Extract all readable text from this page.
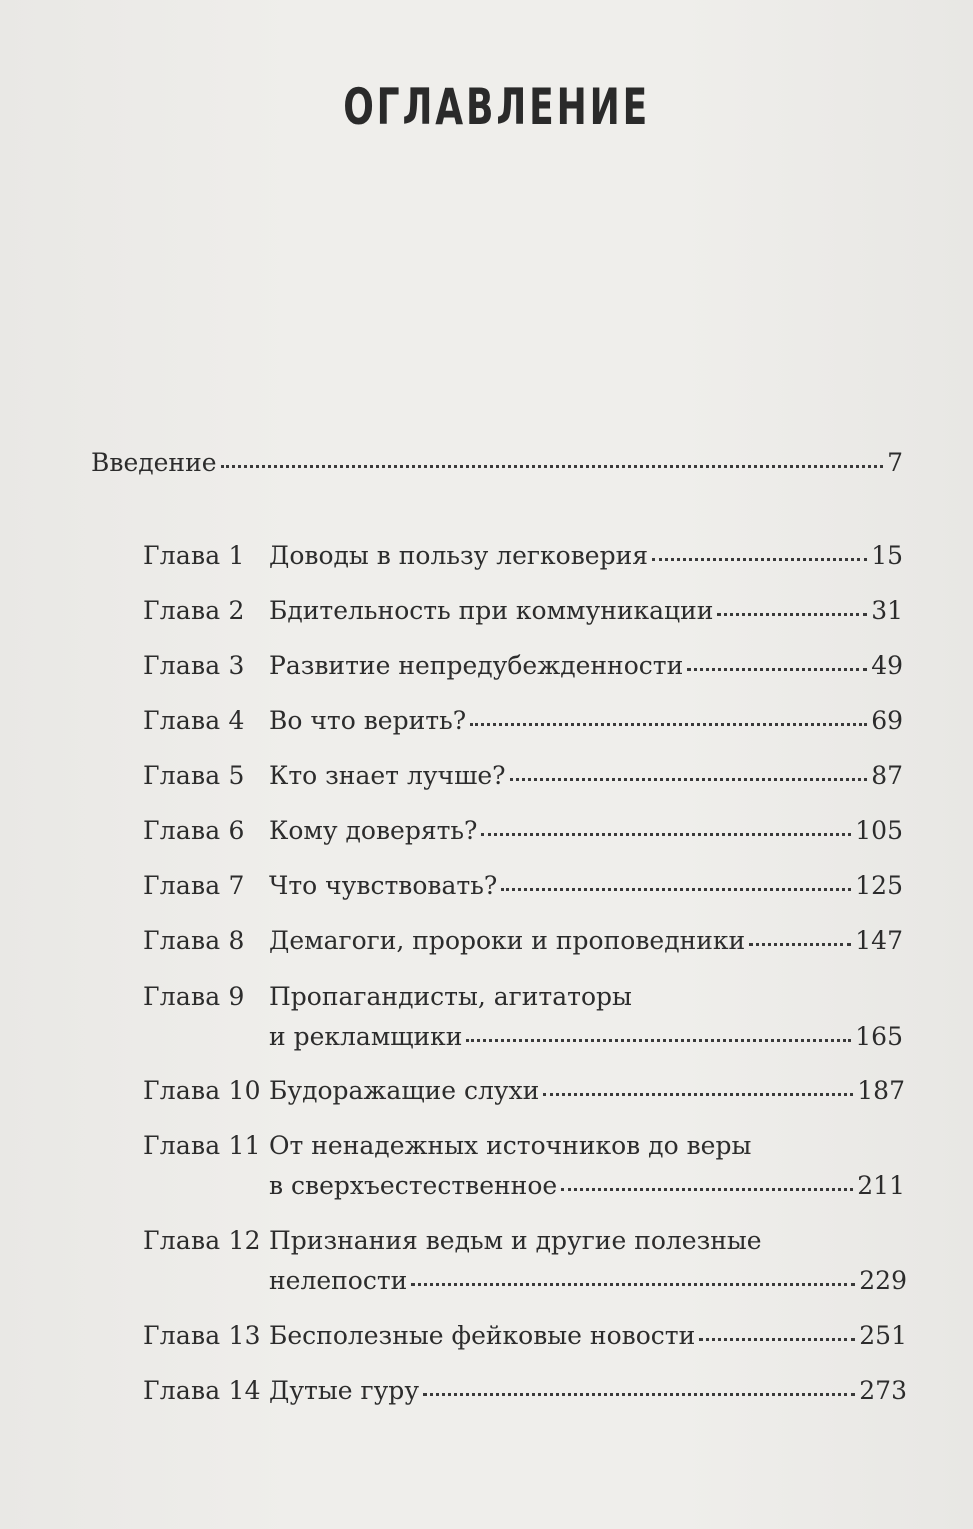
ОГЛАВЛЕНИЕ
Введение	7
Глава 1 Доводы в пользу легковерия	15
Глава 2 Бдительность при коммуникации	31
Глава 3 Развитие непредубежденности	49
Глава 4 Во что верить?	69
Глава 5 Кто знает лучше?	87
Глава 6 Кому доверять?	105
Глава 7 Что чувствовать?	125
Глава 8 Демагоги, пророки и проповедники	147
Глава 9 Пропагандисты, агитаторы
и рекламщики	165
Глава 10 Будоражащие слухи	187
Глава 11 От ненадежных источников до веры
в сверхъестественное	211
Глава 12 Признания ведьм и другие полезные
нелепости	229
Глава 13 Бесполезные фейковые новости	251
Глава 14 Дутые гуру	273
